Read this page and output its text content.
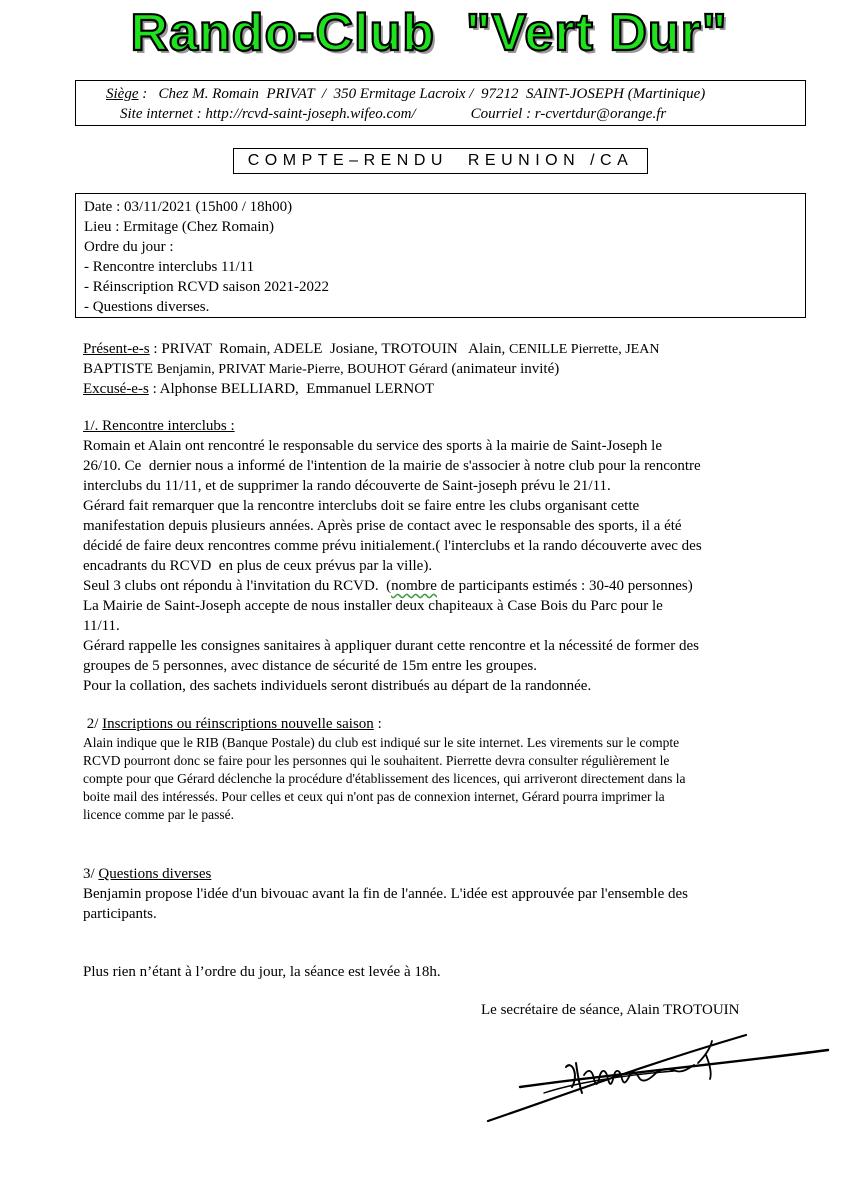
Rando-Club  "Vert Dur"
Siège :   Chez M. Romain  PRIVAT  /  350 Ermitage Lacroix /  97212  SAINT-JOSEPH (Martinique)
Site internet : http://rcvd-saint-joseph.wifeo.com/	Courriel : r-cvertdur@orange.fr
COMPTE–RENDU  REUNION /CA
Date : 03/11/2021 (15h00 / 18h00)
Lieu : Ermitage (Chez Romain)
Ordre du jour :
- Rencontre interclubs 11/11
- Réinscription RCVD saison 2021-2022
- Questions diverses.
Présent-e-s : PRIVAT  Romain, ADELE  Josiane, TROTOUIN   Alain, CENILLE Pierrette, JEAN
BAPTISTE Benjamin, PRIVAT Marie-Pierre, BOUHOT Gérard (animateur invité)
Excusé-e-s : Alphonse BELLIARD,  Emmanuel LERNOT
1/. Rencontre interclubs :
Romain et Alain ont rencontré le responsable du service des sports à la mairie de Saint-Joseph le
26/10. Ce  dernier nous a informé de l'intention de la mairie de s'associer à notre club pour la rencontre
interclubs du 11/11, et de supprimer la rando découverte de Saint-joseph prévu le 21/11.
Gérard fait remarquer que la rencontre interclubs doit se faire entre les clubs organisant cette
manifestation depuis plusieurs années. Après prise de contact avec le responsable des sports, il a été
décidé de faire deux rencontres comme prévu initialement.( l'interclubs et la rando découverte avec des
encadrants du RCVD  en plus de ceux prévus par la ville).
Seul 3 clubs ont répondu à l'invitation du RCVD.  (nombre de participants estimés : 30-40 personnes)
La Mairie de Saint-Joseph accepte de nous installer deux chapiteaux à Case Bois du Parc pour le
11/11.
Gérard rappelle les consignes sanitaires à appliquer durant cette rencontre et la nécessité de former des
groupes de 5 personnes, avec distance de sécurité de 15m entre les groupes.
Pour la collation, des sachets individuels seront distribués au départ de la randonnée.
2/ Inscriptions ou réinscriptions nouvelle saison :
Alain indique que le RIB (Banque Postale) du club est indiqué sur le site internet. Les virements sur le compte
RCVD pourront donc se faire pour les personnes qui le souhaitent. Pierrette devra consulter régulièrement le
compte pour que Gérard déclenche la procédure d'établissement des licences, qui arriveront directement dans la
boite mail des intéressés. Pour celles et ceux qui n'ont pas de connexion internet, Gérard pourra imprimer la
licence comme par le passé.
3/ Questions diverses
Benjamin propose l'idée d'un bivouac avant la fin de l'année. L'idée est approuvée par l'ensemble des
participants.
Plus rien n’étant à l’ordre du jour, la séance est levée à 18h.
Le secrétaire de séance, Alain TROTOUIN
